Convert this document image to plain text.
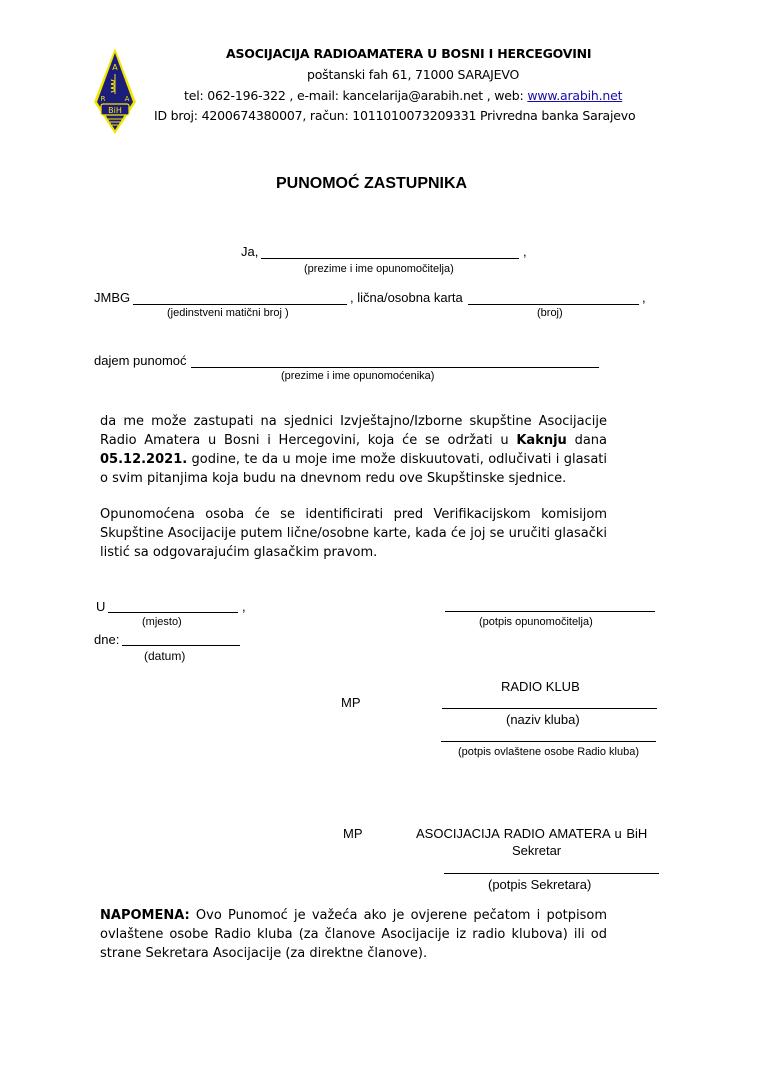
A
R	A
BiH
ASOCIJACIJA RADIOAMATERA U BOSNI I HERCEGOVINI
poštanski fah 61, 71000 SARAJEVO
tel: 062-196-322 , e-mail: kancelarija@arabih.net , web: www.arabih.net
ID broj: 4200674380007, račun: 1011010073209331 Privredna banka Sarajevo
PUNOMOĆ ZASTUPNIKA
Ja,	,
(prezime i ime opunomočitelja)
JMBG	, lična/osobna karta	,
(jedinstveni matični broj )	(broj)
dajem punomoć
(prezime i ime opunomoćenika)
da me može zastupati na sjednici Izvještajno/Izborne skupštine Asocijacije Radio Amatera u Bosni i Hercegovini, koja će se održati u Kaknju dana 05.12.2021. godine, te da u moje ime može diskuutovati, odlučivati i glasati o svim pitanjima koja budu na dnevnom redu ove Skupštinske sjednice.
Opunomoćena osoba će se identificirati pred Verifikacijskom komisijom Skupštine Asocijacije putem lične/osobne karte, kada će joj se uručiti glasački listić sa odgovarajućim glasačkim pravom.
U	,
(mjesto)	(potpis opunomočitelja)
dne:
(datum)
RADIO KLUB
MP
(naziv kluba)
(potpis ovlaštene osobe Radio kluba)
MP	ASOCIJACIJA RADIO AMATERA u BiH
Sekretar
(potpis Sekretara)
NAPOMENA: Ovo Punomoć je važeća ako je ovjerene pečatom i potpisom ovlaštene osobe Radio kluba (za članove Asocijacije iz radio klubova) ili od strane Sekretara Asocijacije (za direktne članove).
